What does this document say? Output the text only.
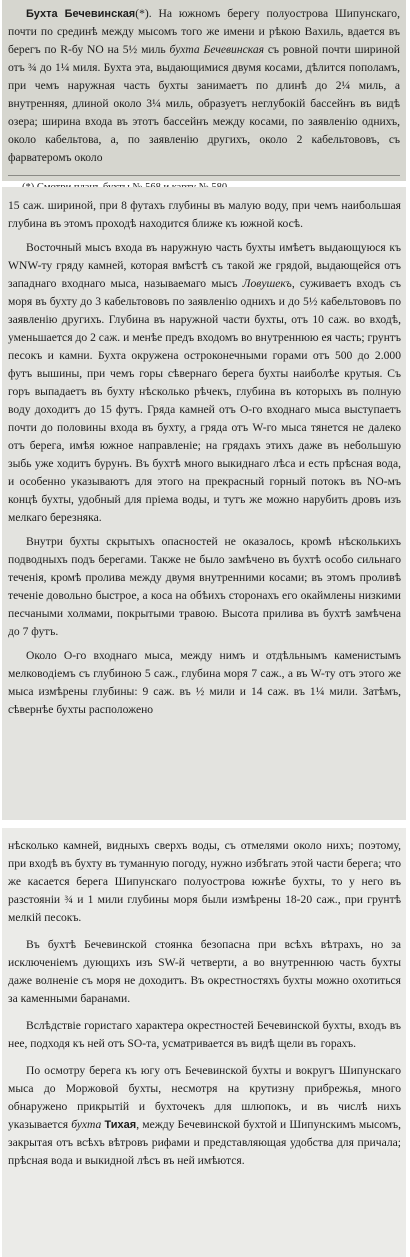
Бухта Бечевинская(*). На южномъ берегу полуострова Шипунскаго, почти по срединѣ между мысомъ того же имени и рѣкою Вахиль, вдается въ берегъ по R-бу NO на 5½ миль бухта Бечевинская съ ровной почти шириной отъ ¾ до 1¼ миля. Бухта эта, выдающимися двумя косами, дѣлится пополамъ, при чемъ наружная часть бухты занимаетъ по длинѣ до 2¼ миль, а внутренняя, длиной около 3¼ миль, образуетъ неглубокій бассейнъ въ видѣ озера; ширина входа въ этотъ бассейнъ между косами, по заявленію однихъ, около кабельтова, а, по заявленію другихъ, около 2 кабельтововъ, съ фарватеромъ около

15 саж. шириной, при 8 футахъ глубины въ малую воду, при чемъ наибольшая глубина въ этомъ проходѣ находится ближе къ южной косѣ.

Восточный мысъ входа въ наружную часть бухты имѣетъ выдающуюся къ WNW-ту гряду камней, которая вмѣстѣ съ такой же грядой, выдающейся отъ западнаго входнаго мыса, называемаго мысъ Ловушекъ, суживаетъ входъ съ моря въ бухту до 3 кабельтововъ по заявленію однихъ и до 5½ кабельтововъ по заявленію другихъ. Глубина въ наружной части бухты, отъ 10 саж. во входѣ, уменьшается до 2 саж. и менѣе предъ входомъ во внутреннюю ея часть; грунтъ песокъ и камни. Бухта окружена остроконечными горами отъ 500 до 2.000 футъ вышины, при чемъ горы сѣвернаго берега бухты наиболѣе крутыя. Съ горъ выпадаетъ въ бухту нѣсколько рѣчекъ, глубина въ которыхъ въ полную воду доходитъ до 15 футъ. Гряда камней отъ O-го входнаго мыса выступаетъ почти до половины входа въ бухту, а гряда отъ W-го мыса тянется не далеко отъ берега, имѣя южное направленіе; на грядахъ этихъ даже въ небольшую зыбь уже ходитъ бурунъ. Въ бухтѣ много выкиднаго лѣса и есть прѣсная вода, и особенно указываютъ для этого на прекрасный горный потокъ въ NO-мъ концѣ бухты, удобный для пріема воды, и тутъ же можно нарубить дровъ изъ мелкаго березняка.

Внутри бухты скрытыхъ опасностей не оказалось, кромѣ нѣсколькихъ подводныхъ подъ берегами. Также не было замѣчено въ бухтѣ особо сильнаго теченія, кромѣ пролива между двумя внутренними косами; въ этомъ проливѣ теченіе довольно быстрое, а коса на обѣихъ сторонахъ его окаймлены низкими песчаными холмами, покрытыми травою. Высота прилива въ бухтѣ замѣчена до 7 футъ.

Около O-го входнаго мыса, между нимъ и отдѣльнымъ каменистымъ мелководіемъ съ глубиною 5 саж., глубина моря 7 саж., а въ W-ту отъ этого же мыса измѣрены глубины: 9 саж. въ ½ мили и 14 саж. въ 1¼ мили. Затѣмъ, сѣвернѣе бухты расположено

нѣсколько камней, видныхъ сверхъ воды, съ отмелями около нихъ; поэтому, при входѣ въ бухту въ туманную погоду, нужно избѣгать этой части берега; что же касается берега Шипунскаго полуострова южнѣе бухты, то у него въ разстояніи ¾ и 1 мили глубины моря были измѣрены 18-20 саж., при грунтѣ мелкій песокъ.

Въ бухтѣ Бечевинской стоянка безопасна при всѣхъ вѣтрахъ, но за исключеніемъ дующихъ изъ SW-й четверти, а во внутреннюю часть бухты даже волненіе съ моря не доходитъ. Въ окрестностяхъ бухты можно охотиться за каменными баранами.

Вслѣдствіе гористаго характера окрестностей Бечевинской бухты, входъ въ нее, подходя къ ней отъ SO-та, усматривается въ видѣ щели въ горахъ.

По осмотру берега къ югу отъ Бечевинской бухты и вокругъ Шипунскаго мыса до Моржовой бухты, несмотря на крутизну прибрежья, много обнаружено прикрытій и бухточекъ для шлюпокъ, и въ числѣ нихъ указывается бухта Тихая, между Бечевинской бухтой и Шипунскимъ мысомъ, закрытая отъ всѣхъ вѣтровъ рифами и представляющая удобства для причала; прѣсная вода и выкидной лѣсъ въ ней имѣются.
